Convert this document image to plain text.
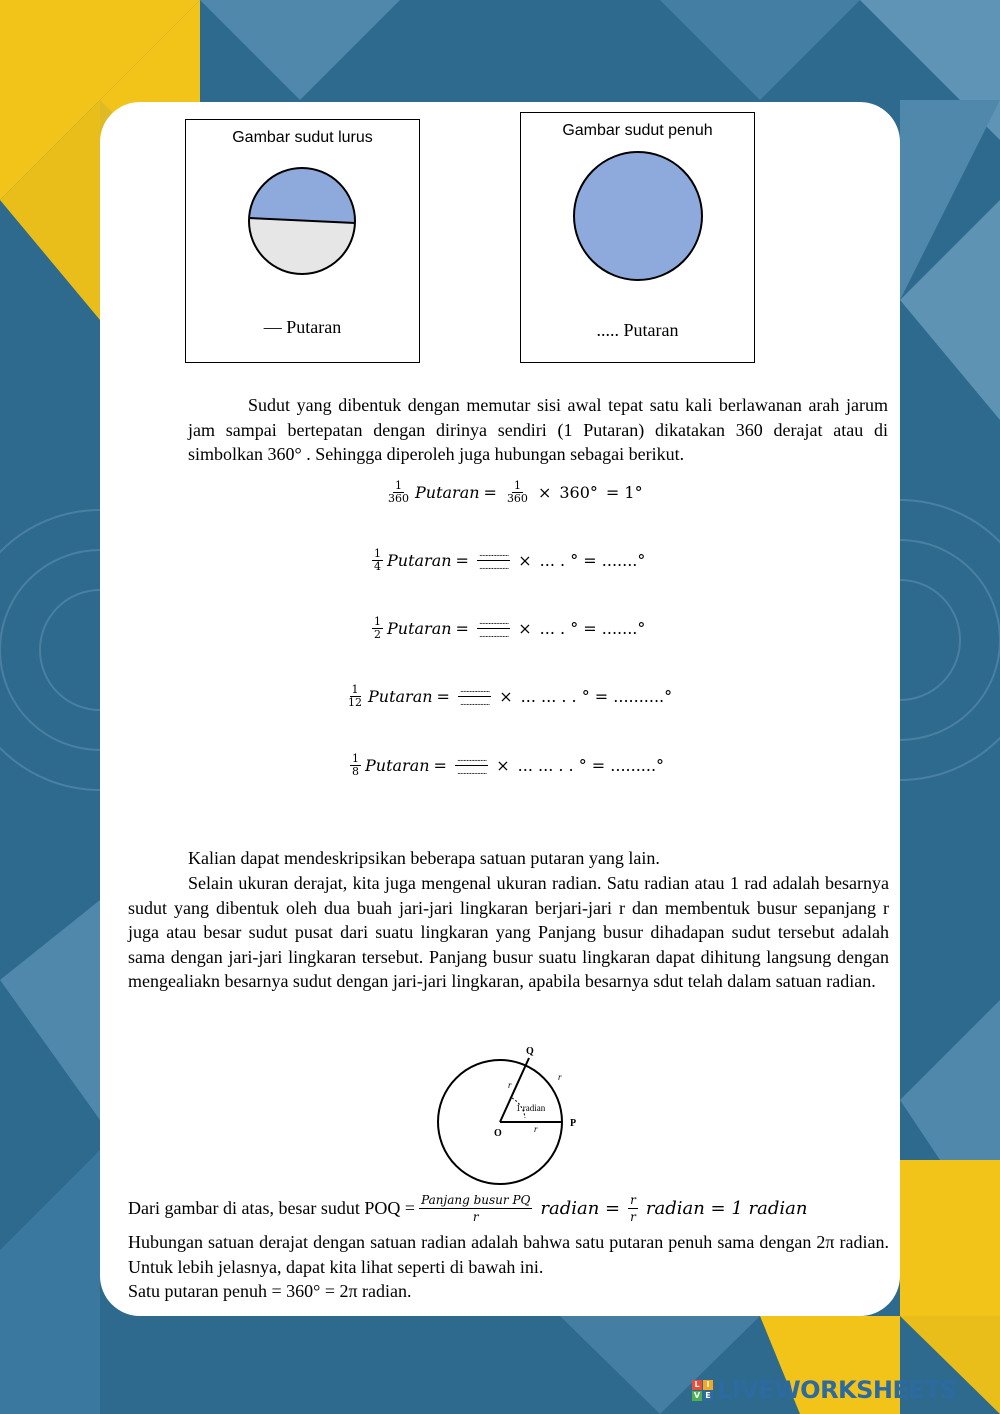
Gambar sudut lurus
— Putaran
Gambar sudut penuh
..... Putaran

Sudut yang dibentuk dengan memutar sisi awal tepat satu kali berlawanan arah jarum jam sampai bertepatan dengan dirinya sendiri (1 Putaran) dikatakan 360 derajat atau di simbolkan 360° . Sehingga diperoleh juga hubungan sebagai berikut.

$\frac{1}{360}$ Putaran = $\frac{1}{360} \times 360^\circ = 1^\circ$
$\frac{1}{4}$ Putaran = $\frac{...................}{...................}$ × ... . ° = .......°
$\frac{1}{2}$ Putaran = $\frac{...................}{...................}$ × ... . ° = .......°
$\frac{1}{12}$ Putaran = $\frac{...................}{...................}$ × ... ... . . ° = ..........°
$\frac{1}{8}$ Putaran = $\frac{...................}{...................}$ × ... ... . . ° = .........°

Kalian dapat mendeskripsikan beberapa satuan putaran yang lain.

Selain ukuran derajat, kita juga mengenal ukuran radian. Satu radian atau 1 rad adalah besarnya sudut yang dibentuk oleh dua buah jari-jari lingkaran berjari-jari r dan membentuk busur sepanjang r juga atau besar sudut pusat dari suatu lingkaran yang Panjang busur dihadapan sudut tersebut adalah sama dengan jari-jari lingkaran tersebut. Panjang busur suatu lingkaran dapat dihitung langsung dengan mengealiakn besarnya sudut dengan jari-jari lingkaran, apabila besarnya sdut telah dalam satuan radian.

Q
O
P
r
r
r
1 radian
Dari gambar di atas, besar sudut POQ = $\frac{\text{Panjang busur PQ}}{r}$ radian = $\frac{r}{r}$ radian = 1 radian

Hubungan satuan derajat dengan satuan radian adalah bahwa satu putaran penuh sama dengan 2π radian. Untuk lebih jelasnya, dapat kita lihat seperti di bawah ini.

Satu putaran penuh = 360° = 2π radian.

L I
V E LIVEWORKSHEETS
